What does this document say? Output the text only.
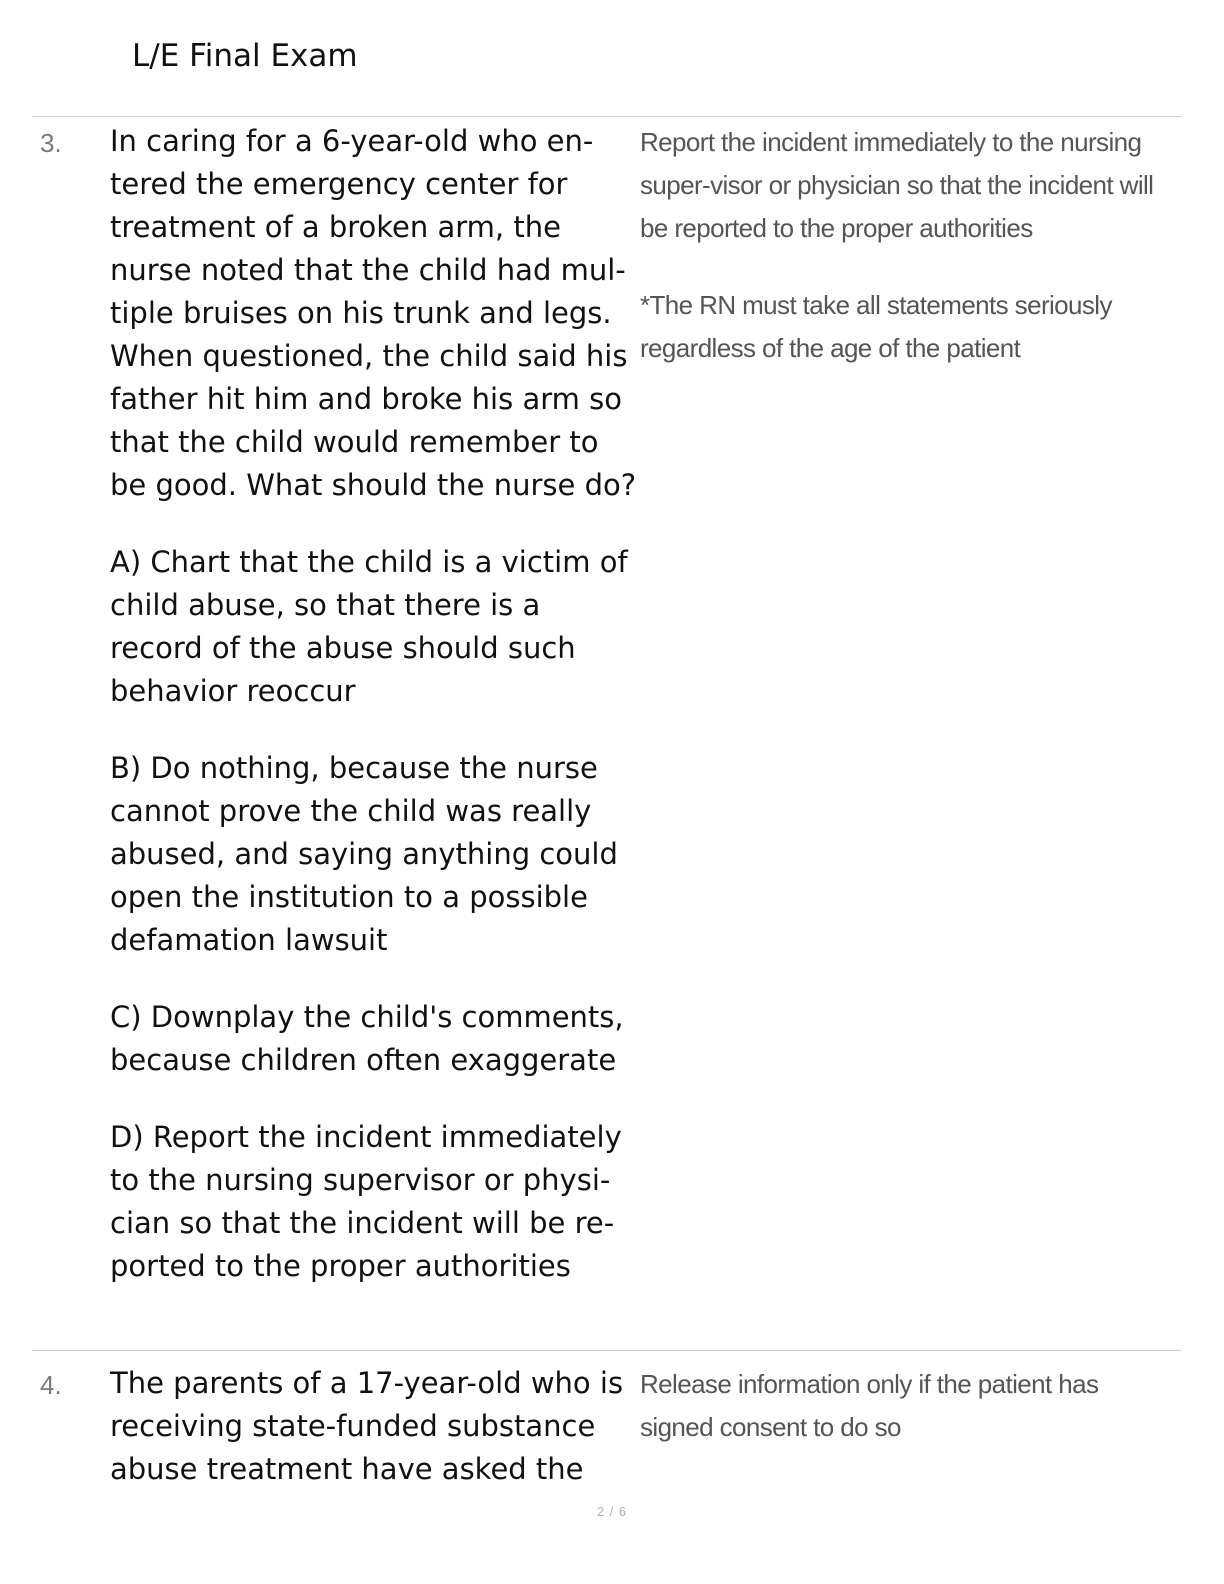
L/E Final Exam
3. In caring for a 6-year-old who en-tered the emergency center for treatment of a broken arm, the nurse noted that the child had mul-tiple bruises on his trunk and legs. When questioned, the child said his father hit him and broke his arm so that the child would remember to be good. What should the nurse do?

A) Chart that the child is a victim of child abuse, so that there is a record of the abuse should such behavior reoccur

B) Do nothing, because the nurse cannot prove the child was really abused, and saying anything could open the institution to a possible defamation lawsuit

C) Downplay the child's comments, because children often exaggerate

D) Report the incident immediately to the nursing supervisor or physi-cian so that the incident will be re-ported to the proper authorities

Report the incident immediately to the nursing super-visor or physician so that the incident will be reported to the proper authorities

*The RN must take all statements seriously regardless of the age of the patient

4. The parents of a 17-year-old who is receiving state-funded substance abuse treatment have asked the

Release information only if the patient has signed consent to do so

2 / 6
